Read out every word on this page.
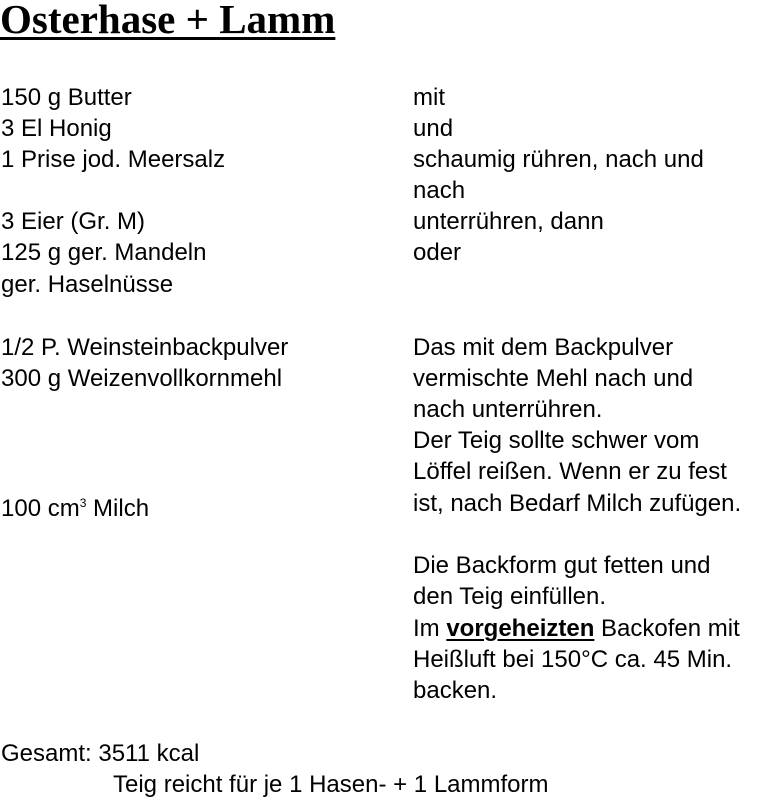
Osterhase + Lamm
150 g Butter
3 El Honig
1 Prise jod. Meersalz
3 Eier (Gr. M)
125 g ger. Mandeln
ger. Haselnüsse
1/2 P. Weinsteinbackpulver
300 g Weizenvollkornmehl
100 $cm^3$ Milch
mit
und
schaumig rühren, nach und
nach
unterrühren, dann
oder
Das mit dem Backpulver
vermischte Mehl nach und
nach unterrühren.
Der Teig sollte schwer vom
Löffel reißen. Wenn er zu fest
ist, nach Bedarf Milch zufügen.
Die Backform gut fetten und
den Teig einfüllen.
Im vorgeheizten Backofen mit
Heißluft bei 150°C ca. 45 Min.
backen.
Gesamt: 3511 kcal
Teig reicht für je 1 Hasen- + 1 Lammform
